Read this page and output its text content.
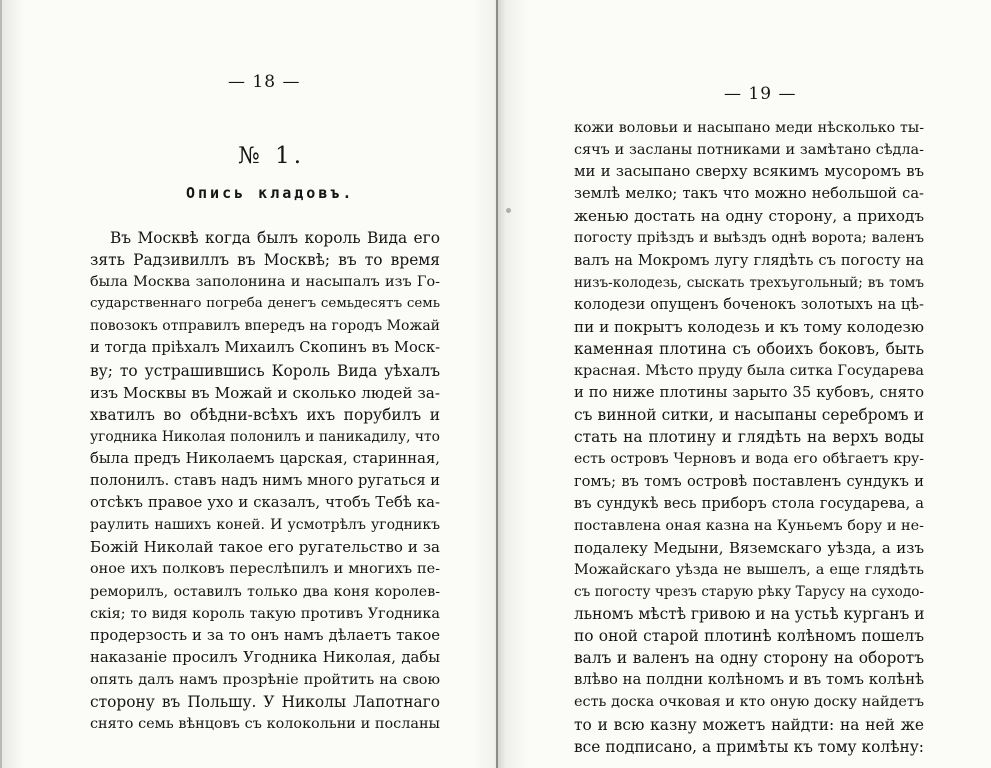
— 18 —
№ 1.
Опись кладовъ.
Въ Москвѣ когда былъ король Вида его
зять Радзивиллъ въ Москвѣ; въ то время
была Москва заполонина и насыпалъ изъ Го-
сударственнаго погреба денегъ семьдесятъ семь
повозокъ отправилъ впередъ на городъ Можай
и тогда пріѣхалъ Михаилъ Скопинъ въ Моск-
ву; то устрашившись Король Вида уѣхалъ
изъ Москвы въ Можай и сколько людей за-
хватилъ во обѣдни-всѣхъ ихъ порубилъ и
угодника Николая полонилъ и паникадилу, что
была предъ Николаемъ царская, старинная,
полонилъ. ставъ надъ нимъ много ругаться и
отсѣкъ правое ухо и сказалъ, чтобъ Тебѣ ка-
раулить нашихъ коней. И усмотрѣлъ угодникъ
Божій Николай такое его ругательство и за
оное ихъ полковъ переслѣпилъ и многихъ пе-
реморилъ, оставилъ только два коня королев-
скія; то видя король такую противъ Угодника
продерзость и за то онъ намъ дѣлаетъ такое
наказаніе просилъ Угодника Николая, дабы
опять далъ намъ прозрѣніе пройтить на свою
сторону въ Польшу. У Николы Лапотнаго
снято семь вѣнцовъ съ колокольни и посланы
— 19 —
кожи воловьи и насыпано меди нѣсколько ты-
сячъ и засланы потниками и замѣтано сѣдла-
ми и засыпано сверху всякимъ мусоромъ въ
землѣ мелко; такъ что можно небольшой са-
женью достать на одну сторону, а приходъ
погосту пріѣздъ и выѣздъ однѣ ворота; валенъ
валъ на Мокромъ лугу глядѣть съ погосту на
низъ-колодезь, сыскать трехъугольный; въ томъ
колодези опущенъ боченокъ золотыхъ на цѣ-
пи и покрытъ колодезь и къ тому колодезю
каменная плотина съ обоихъ боковъ, быть
красная. Мѣсто пруду была ситка Государева
и по ниже плотины зарыто 35 кубовъ, снято
съ винной ситки, и насыпаны серебромъ и
стать на плотину и глядѣть на верхъ воды
есть островъ Черновъ и вода его обѣгаетъ кру-
гомъ; въ томъ островѣ поставленъ сундукъ и
въ сундукѣ весь приборъ стола государева, а
поставлена оная казна на Куньемъ бору и не-
подалеку Медыни, Вяземскаго уѣзда, а изъ
Можайскаго уѣзда не вышелъ, а еще глядѣть
съ погосту чрезъ старую рѣку Тарусу на суходо-
льномъ мѣстѣ гривою и на устьѣ курганъ и
по оной старой плотинѣ колѣномъ пошелъ
валъ и валенъ на одну сторону на оборотъ
влѣво на полдни колѣномъ и въ томъ колѣнѣ
есть доска очковая и кто оную доску найдетъ
то и всю казну можетъ найдти: на ней же
все подписано, а примѣты къ тому колѣну:
